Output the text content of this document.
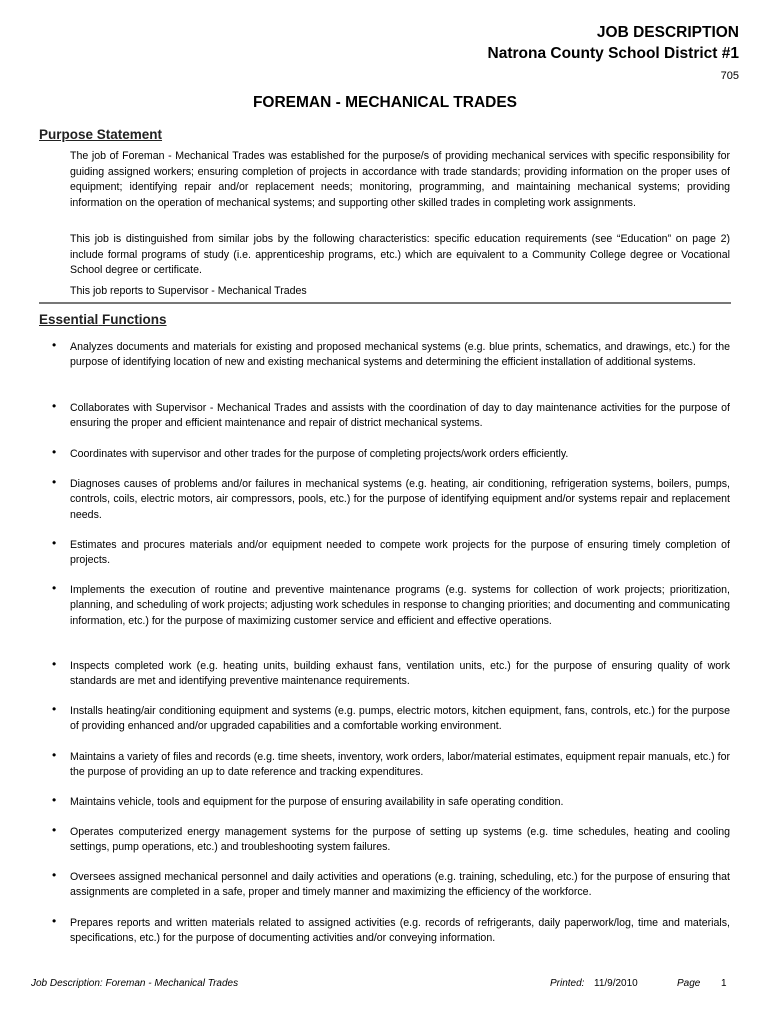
JOB DESCRIPTION
Natrona County School District #1
705
FOREMAN - MECHANICAL TRADES
Purpose Statement
The job of Foreman - Mechanical Trades was established for the purpose/s of providing mechanical services with specific responsibility for guiding assigned workers; ensuring completion of projects in accordance with trade standards; providing information on the proper uses of equipment; identifying repair and/or replacement needs; monitoring, programming, and maintaining mechanical systems; providing information on the operation of mechanical systems; and supporting other skilled trades in completing work assignments.
This job is distinguished from similar jobs by the following characteristics: specific education requirements (see “Education” on page 2) include formal programs of study (i.e. apprenticeship programs, etc.) which are equivalent to a Community College degree or Vocational School degree or certificate.
This job reports to Supervisor - Mechanical Trades
Essential Functions
• Analyzes documents and materials for existing and proposed mechanical systems (e.g. blue prints, schematics, and drawings, etc.) for the purpose of identifying location of new and existing mechanical systems and determining the efficient installation of additional systems.
• Collaborates with Supervisor - Mechanical Trades and assists with the coordination of day to day maintenance activities for the purpose of ensuring the proper and efficient maintenance and repair of district mechanical systems.
• Coordinates with supervisor and other trades for the purpose of completing projects/work orders efficiently.
• Diagnoses causes of problems and/or failures in mechanical systems (e.g. heating, air conditioning, refrigeration systems, boilers, pumps, controls, coils, electric motors, air compressors, pools, etc.) for the purpose of identifying equipment and/or systems repair and replacement needs.
• Estimates and procures materials and/or equipment needed to compete work projects for the purpose of ensuring timely completion of projects.
• Implements the execution of routine and preventive maintenance programs (e.g. systems for collection of work projects; prioritization, planning, and scheduling of work projects; adjusting work schedules in response to changing priorities; and documenting and communicating information, etc.) for the purpose of maximizing customer service and efficient and effective operations.
• Inspects completed work (e.g. heating units, building exhaust fans, ventilation units, etc.) for the purpose of ensuring quality of work standards are met and identifying preventive maintenance requirements.
• Installs heating/air conditioning equipment and systems (e.g. pumps, electric motors, kitchen equipment, fans, controls, etc.) for the purpose of providing enhanced and/or upgraded capabilities and a comfortable working environment.
• Maintains a variety of files and records (e.g. time sheets, inventory, work orders, labor/material estimates, equipment repair manuals, etc.) for the purpose of providing an up to date reference and tracking expenditures.
• Maintains vehicle, tools and equipment for the purpose of ensuring availability in safe operating condition.
• Operates computerized energy management systems for the purpose of setting up systems (e.g. time schedules, heating and cooling settings, pump operations, etc.) and troubleshooting system failures.
• Oversees assigned mechanical personnel and daily activities and operations (e.g. training, scheduling, etc.) for the purpose of ensuring that assignments are completed in a safe, proper and timely manner and maximizing the efficiency of the workforce.
• Prepares reports and written materials related to assigned activities (e.g. records of refrigerants, daily paperwork/log, time and materials, specifications, etc.) for the purpose of documenting activities and/or conveying information.
Job Description: Foreman - Mechanical Trades	Printed: 11/9/2010	Page 1
